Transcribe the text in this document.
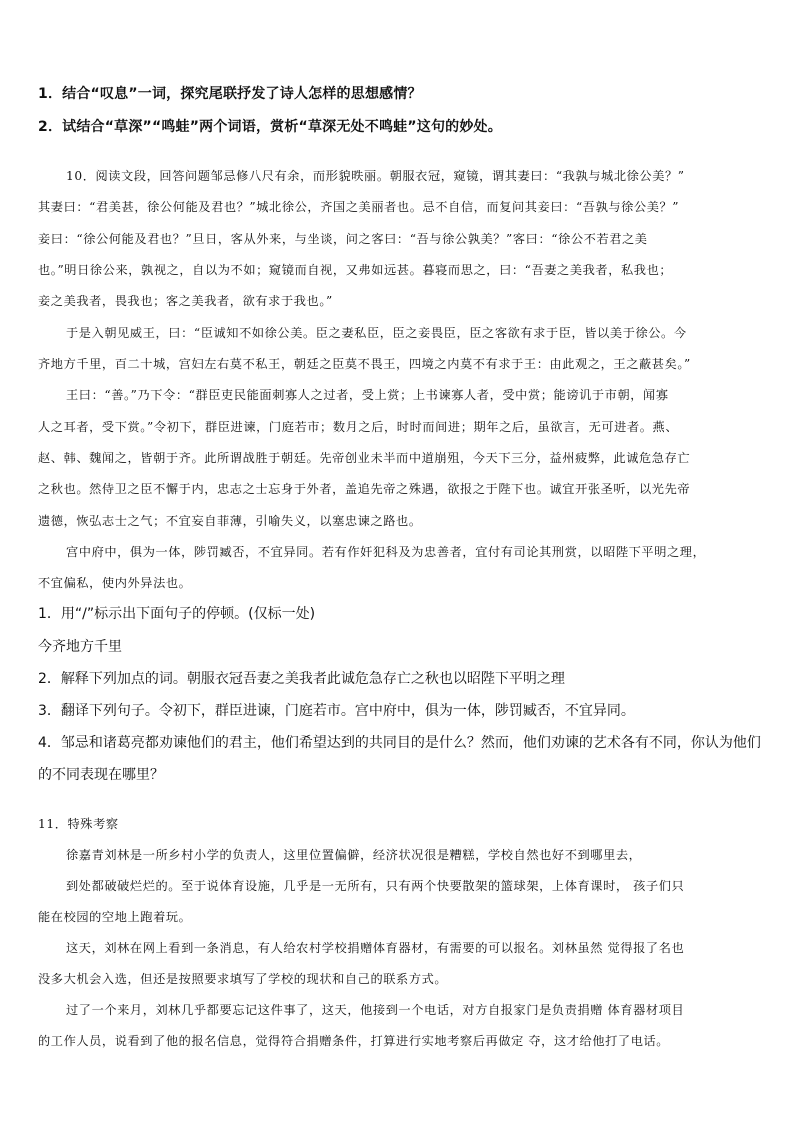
1．结合“叹息”一词，探究尾联抒发了诗人怎样的思想感情？
2．试结合“草深”“鸣蛙”两个词语，赏析“草深无处不鸣蛙”这句的妙处。
10．阅读文段，回答问题邹忌修八尺有余，而形貌昳丽。朝服衣冠，窥镜，谓其妻曰：“我孰与城北徐公美？”
其妻曰：“君美甚，徐公何能及君也？”城北徐公，齐国之美丽者也。忌不自信，而复问其妾曰：“吾孰与徐公美？”
妾曰：“徐公何能及君也？”旦日，客从外来，与坐谈，问之客曰：“吾与徐公孰美？”客曰：“徐公不若君之美
也。”明日徐公来，孰视之，自以为不如；窥镜而自视，又弗如远甚。暮寝而思之，曰：“吾妻之美我者，私我也；
妾之美我者，畏我也；客之美我者，欲有求于我也。”
于是入朝见威王，曰：“臣诚知不如徐公美。臣之妻私臣，臣之妾畏臣，臣之客欲有求于臣，皆以美于徐公。今
齐地方千里，百二十城，宫妇左右莫不私王，朝廷之臣莫不畏王，四境之内莫不有求于王：由此观之，王之蔽甚矣。”
王曰：“善。”乃下令：“群臣吏民能面刺寡人之过者，受上赏；上书谏寡人者，受中赏；能谤讥于市朝，闻寡
人之耳者，受下赏。”令初下，群臣进谏，门庭若市；数月之后，时时而间进；期年之后，虽欲言，无可进者。燕、
赵、韩、魏闻之，皆朝于齐。此所谓战胜于朝廷。先帝创业未半而中道崩殂，今天下三分，益州疲弊，此诚危急存亡
之秋也。然侍卫之臣不懈于内，忠志之士忘身于外者，盖追先帝之殊遇，欲报之于陛下也。诚宜开张圣听，以光先帝
遗德，恢弘志士之气；不宜妄自菲薄，引喻失义，以塞忠谏之路也。
宫中府中，俱为一体，陟罚臧否，不宜异同。若有作奸犯科及为忠善者，宜付有司论其刑赏，以昭陛下平明之理，
不宜偏私，使内外异法也。
1．用“/”标示出下面句子的停顿。(仅标一处)
今齐地方千里
2．解释下列加点的词。朝服衣冠吾妻之美我者此诚危急存亡之秋也以昭陛下平明之理
3．翻译下列句子。令初下，群臣进谏，门庭若市。宫中府中，俱为一体，陟罚臧否，不宜异同。
4．邹忌和诸葛亮都劝谏他们的君主，他们希望达到的共同目的是什么？然而，他们劝谏的艺术各有不同，你认为他们
的不同表现在哪里？
11．特殊考察
徐嘉青刘林是一所乡村小学的负责人，这里位置偏僻，经济状况很是糟糕，学校自然也好不到哪里去，
到处都破破烂烂的。至于说体育设施，几乎是一无所有，只有两个快要散架的篮球架，上体育课时， 孩子们只
能在校园的空地上跑着玩。
这天，刘林在网上看到一条消息，有人给农村学校捐赠体育器材，有需要的可以报名。刘林虽然 觉得报了名也
没多大机会入选，但还是按照要求填写了学校的现状和自己的联系方式。
过了一个来月，刘林几乎都要忘记这件事了，这天，他接到一个电话，对方自报家门是负责捐赠 体育器材项目
的工作人员，说看到了他的报名信息，觉得符合捐赠条件，打算进行实地考察后再做定 夺，这才给他打了电话。
